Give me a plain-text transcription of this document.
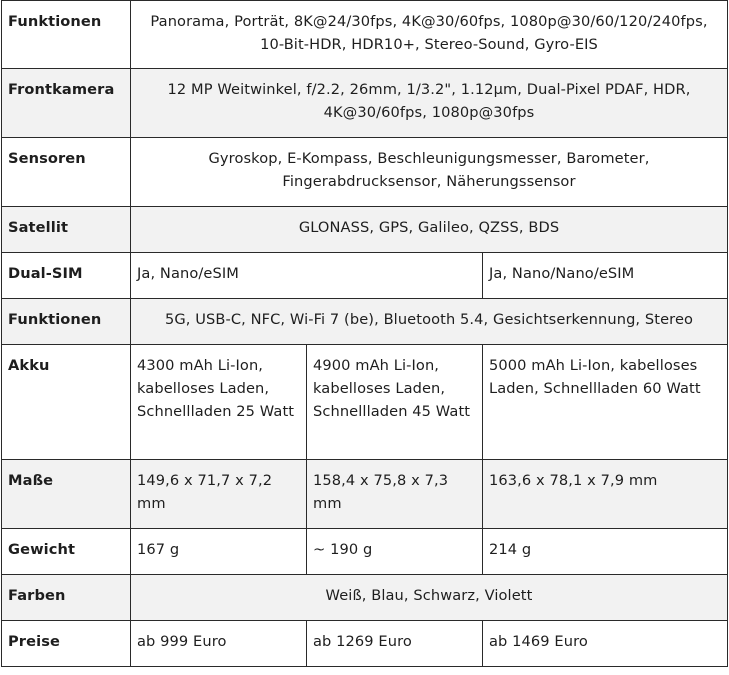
Funktionen	Panorama, Porträt, 8K@24/30fps, 4K@30/60fps, 1080p@30/60/120/240fps, 10-Bit-HDR, HDR10+, Stereo-Sound, Gyro-EIS		
Frontkamera	12 MP Weitwinkel, f/2.2, 26mm, 1/3.2", 1.12µm, Dual-Pixel PDAF, HDR, 4K@30/60fps, 1080p@30fps		
Sensoren	Gyroskop, E-Kompass, Beschleunigungsmesser, Barometer, Fingerabdrucksensor, Näherungssensor		
Satellit	GLONASS, GPS, Galileo, QZSS, BDS		
Dual-SIM	Ja, Nano/eSIM		Ja, Nano/Nano/eSIM
Funktionen	5G, USB-C, NFC, Wi-Fi 7 (be), Bluetooth 5.4, Gesichtserkennung, Stereo		
Akku	4300 mAh Li-Ion, kabelloses Laden, Schnellladen 25 Watt	4900 mAh Li-Ion, kabelloses Laden, Schnellladen 45 Watt	5000 mAh Li-Ion, kabelloses Laden, Schnellladen 60 Watt
Maße	149,6 x 71,7 x 7,2 mm	158,4 x 75,8 x 7,3 mm	163,6 x 78,1 x 7,9 mm
Gewicht	167 g	~ 190 g	214 g
Farben	Weiß, Blau, Schwarz, Violett		
Preise	ab 999 Euro	ab 1269 Euro	ab 1469 Euro
